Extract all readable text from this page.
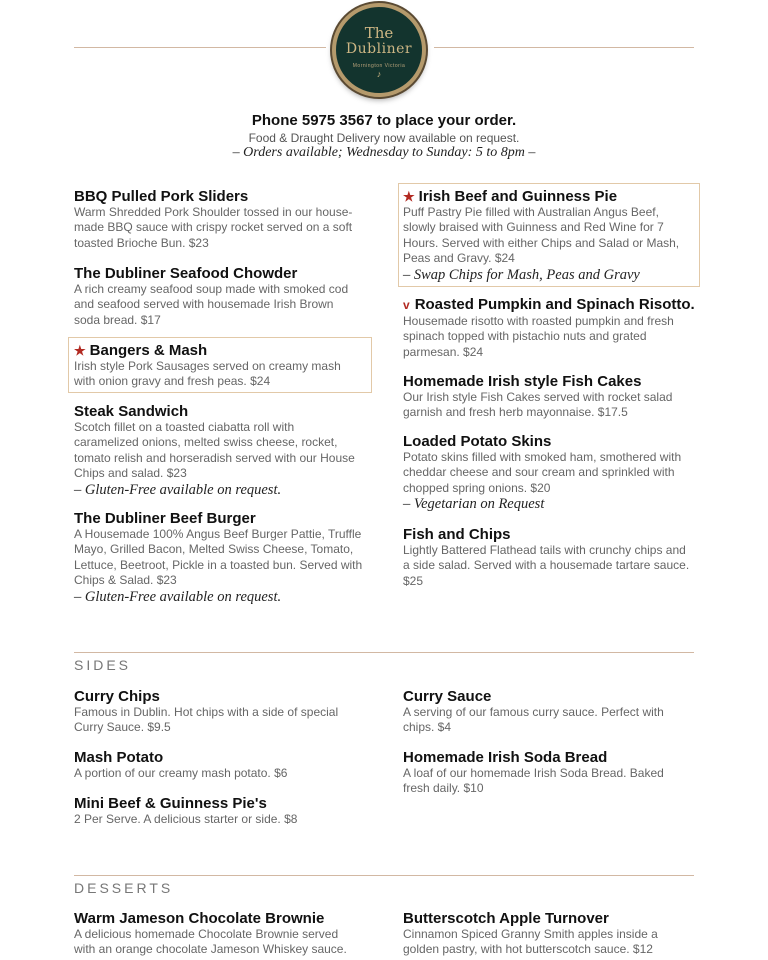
The
Dubliner
Mornington Victoria
♪
Phone 5975 3567 to place your order.
Food & Draught Delivery now available on request.
– Orders available; Wednesday to Sunday: 5 to 8pm –
BBQ Pulled Pork Sliders
Warm Shredded Pork Shoulder tossed in our house-made BBQ sauce with crispy rocket served on a soft toasted Brioche Bun. $23
The Dubliner Seafood Chowder
A rich creamy seafood soup made with smoked cod and seafood served with housemade Irish Brown soda bread. $17
★ Bangers & Mash
Irish style Pork Sausages served on creamy mash with onion gravy and fresh peas. $24
Steak Sandwich
Scotch fillet on a toasted ciabatta roll with caramelized onions, melted swiss cheese, rocket, tomato relish and horseradish served with our House Chips and salad. $23
– Gluten-Free available on request.
The Dubliner Beef Burger
A Housemade 100% Angus Beef Burger Pattie, Truffle Mayo, Grilled Bacon, Melted Swiss Cheese, Tomato, Lettuce, Beetroot, Pickle in a toasted bun. Served with Chips & Salad. $23
– Gluten-Free available on request.
★ Irish Beef and Guinness Pie
Puff Pastry Pie filled with Australian Angus Beef, slowly braised with Guinness and Red Wine for 7 Hours. Served with either Chips and Salad or Mash, Peas and Gravy. $24
– Swap Chips for Mash, Peas and Gravy
v Roasted Pumpkin and Spinach Risotto.
Housemade risotto with roasted pumpkin and fresh spinach topped with pistachio nuts and grated parmesan. $24
Homemade Irish style Fish Cakes
Our Irish style Fish Cakes served with rocket salad garnish and fresh herb mayonnaise. $17.5
Loaded Potato Skins
Potato skins filled with smoked ham, smothered with cheddar cheese and sour cream and sprinkled with chopped spring onions. $20
– Vegetarian on Request
Fish and Chips
Lightly Battered Flathead tails with crunchy chips and a side salad. Served with a housemade tartare sauce. $25
SIDES
Curry Chips
Famous in Dublin. Hot chips with a side of special Curry Sauce. $9.5
Mash Potato
A portion of our creamy mash potato. $6
Mini Beef & Guinness Pie's
2 Per Serve. A delicious starter or side. $8
Curry Sauce
A serving of our famous curry sauce. Perfect with chips. $4
Homemade Irish Soda Bread
A loaf of our homemade Irish Soda Bread. Baked fresh daily. $10
DESSERTS
Warm Jameson Chocolate Brownie
A delicious homemade Chocolate Brownie served with an orange chocolate Jameson Whiskey sauce.
Butterscotch Apple Turnover
Cinnamon Spiced Granny Smith apples inside a golden pastry, with hot butterscotch sauce. $12
